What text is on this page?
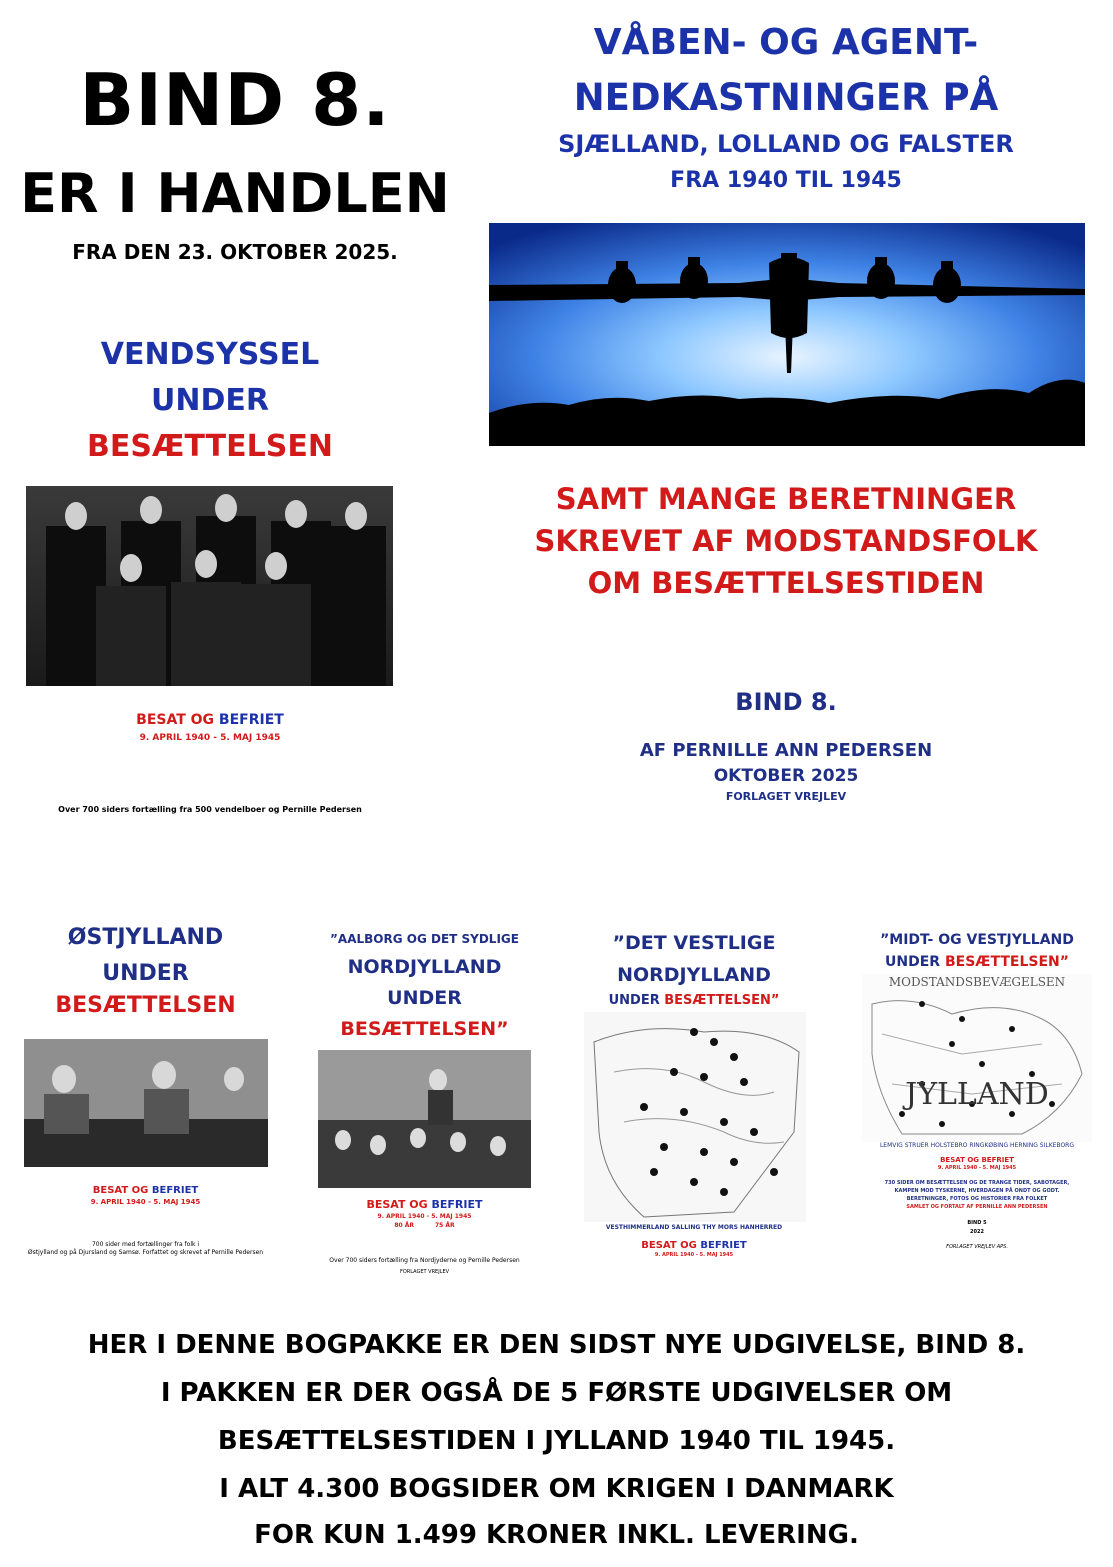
BIND 8.
ER I HANDLEN
FRA DEN 23. OKTOBER 2025.
VÅBEN- OG AGENT-
NEDKASTNINGER PÅ
SJÆLLAND, LOLLAND OG FALSTER
FRA 1940 TIL 1945
SAMT MANGE BERETNINGER
SKREVET AF MODSTANDSFOLK
OM BESÆTTELSESTIDEN
BIND 8.
AF PERNILLE ANN PEDERSEN
OKTOBER 2025
FORLAGET VREJLEV
VENDSYSSEL
UNDER
BESÆTTELSEN
BESAT OG BEFRIET
9. APRIL 1940 - 5. MAJ 1945
Over 700 siders fortælling fra 500 vendelboer og Pernille Pedersen
ØSTJYLLAND
UNDER
BESÆTTELSEN
BESAT OG BEFRIET
9. APRIL 1940 - 5. MAJ 1945
700 sider med fortællinger fra folk i
Østjylland og på Djursland og Samsø. Forfattet og skrevet af Pernille Pedersen
”AALBORG OG DET SYDLIGE
NORDJYLLAND
UNDER
BESÆTTELSEN”
BESAT OG BEFRIET
9. APRIL 1940 - 5. MAJ 1945
80 ÅR	75 ÅR
Over 700 siders fortælling fra Nordjyderne og Pernille Pedersen
FORLAGET VREJLEV
”DET VESTLIGE
NORDJYLLAND
UNDER BESÆTTELSEN”
VESTHIMMERLAND SALLING THY MORS HANHERRED
BESAT OG BEFRIET
9. APRIL 1940 - 5. MAJ 1945
”MIDT- OG VESTJYLLAND
UNDER BESÆTTELSEN”
MODSTANDSBEVÆGELSEN
JYLLAND
LEMVIG STRUER HOLSTEBRO RINGKØBING HERNING SILKEBORG
BESAT OG BEFRIET
9. APRIL 1940 - 5. MAJ 1945
730 SIDER OM BESÆTTELSEN OG DE TRANGE TIDER, SABOTAGER,
KAMPEN MOD TYSKERNE, HVERDAGEN PÅ ONDT OG GODT.
BERETNINGER, FOTOS OG HISTORIER FRA FOLKET
SAMLET OG FORTALT AF PERNILLE ANN PEDERSEN
BIND 5
2022
FORLAGET VREJLEV APS.
HER I DENNE BOGPAKKE ER DEN SIDST NYE UDGIVELSE, BIND 8.
I PAKKEN ER DER OGSÅ DE 5 FØRSTE UDGIVELSER OM
BESÆTTELSESTIDEN I JYLLAND 1940 TIL 1945.
I ALT 4.300 BOGSIDER OM KRIGEN I DANMARK
FOR KUN 1.499 KRONER INKL. LEVERING.
